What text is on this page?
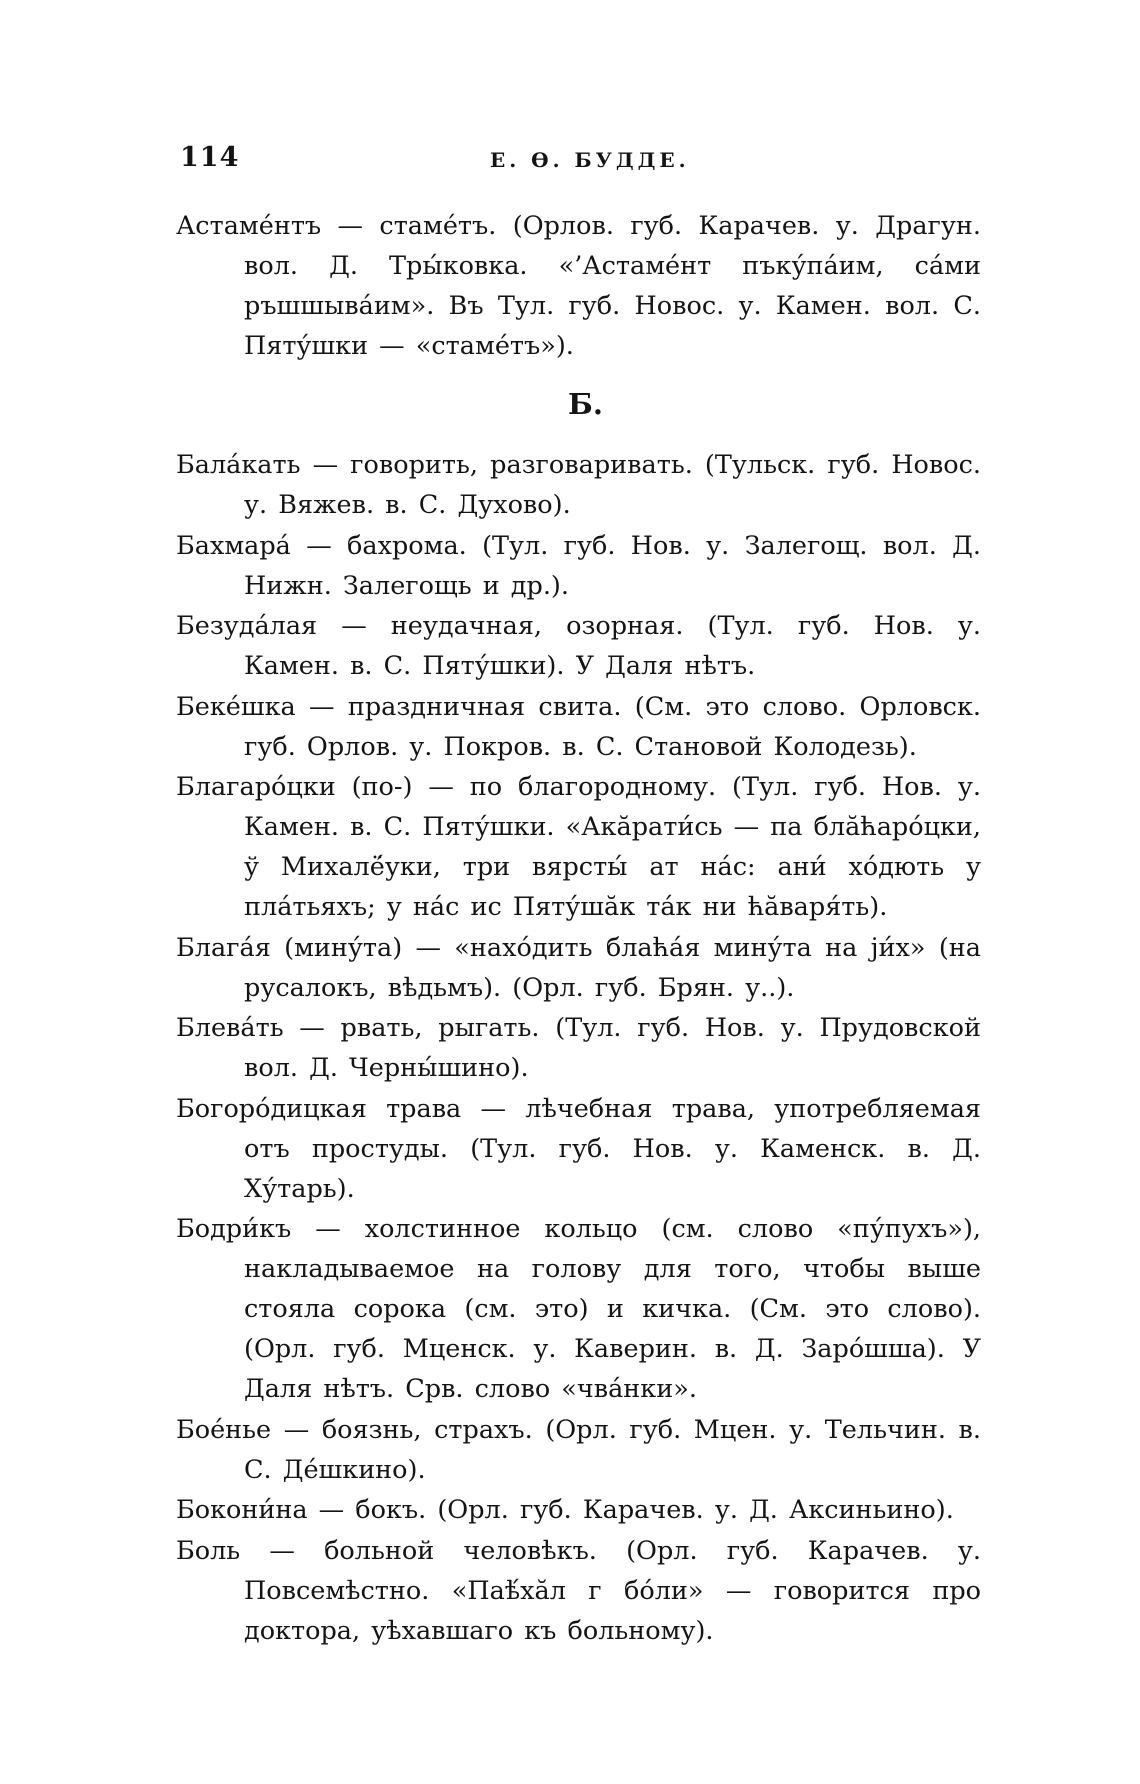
114	Е. Ѳ. БУДДЕ.

Астаме́нтъ — стаме́тъ. (Орлов. губ. Карачев. у. Драгун. вол. Д. Тры́ковка. «’Астаме́нт пъку́па́им, са́ми ръшшыва́им». Въ Тул. губ. Новос. у. Камен. вол. С. Пяту́шки — «стаме́тъ»).

Б.

Бала́кать — говорить, разговаривать. (Тульск. губ. Новос. у. Вяжев. в. С. Духово).

Бахмара́ — бахрома. (Тул. губ. Нов. у. Залегощ. вол. Д. Нижн. Залегощь и др.).

Безуда́лая — неудачная, озорная. (Тул. губ. Нов. у. Камен. в. С. Пяту́шки). У Даля нѣтъ.

Беке́шка — праздничная свита. (См. это слово. Орловск. губ. Орлов. у. Покров. в. С. Становой Колодезь).

Благаро́цки (по-) — по благородному. (Тул. губ. Нов. у. Камен. в. С. Пяту́шки. «Акӑрати́сь — па блӑћаро́цки, ў Михалё́уки, три вярсты́ ат на́с: ани́ хо́дють у пла́тьяхъ; у на́с ис Пяту́шӑк та́к ни ћӑваря́ть).

Блага́я (мину́та) — «нахо́дить блаћа́я мину́та на ји́х» (на русалокъ, вѣдьмъ). (Орл. губ. Брян. у..).

Блева́ть — рвать, рыгать. (Тул. губ. Нов. у. Прудовской вол. Д. Черны́шино).

Богоро́дицкая трава — лѣчебная трава, употребляемая отъ простуды. (Тул. губ. Нов. у. Каменск. в. Д. Ху́тарь).

Бодри́къ — холстинное кольцо (см. слово «пу́пухъ»), накладываемое на голову для того, чтобы выше стояла сорока (см. это) и кичка. (См. это слово). (Орл. губ. Мценск. у. Каверин. в. Д. Заро́шша). У Даля нѣтъ. Срв. слово «чва́нки».

Бое́нье — боязнь, страхъ. (Орл. губ. Мцен. у. Тельчин. в. С. Де́шкино).

Бокони́на — бокъ. (Орл. губ. Карачев. у. Д. Аксиньино).

Боль — больной человѣкъ. (Орл. губ. Карачев. у. Повсемѣстно. «Паѣ́хӑл г бо́ли» — говорится про доктора, уѣхавшаго къ больному).
